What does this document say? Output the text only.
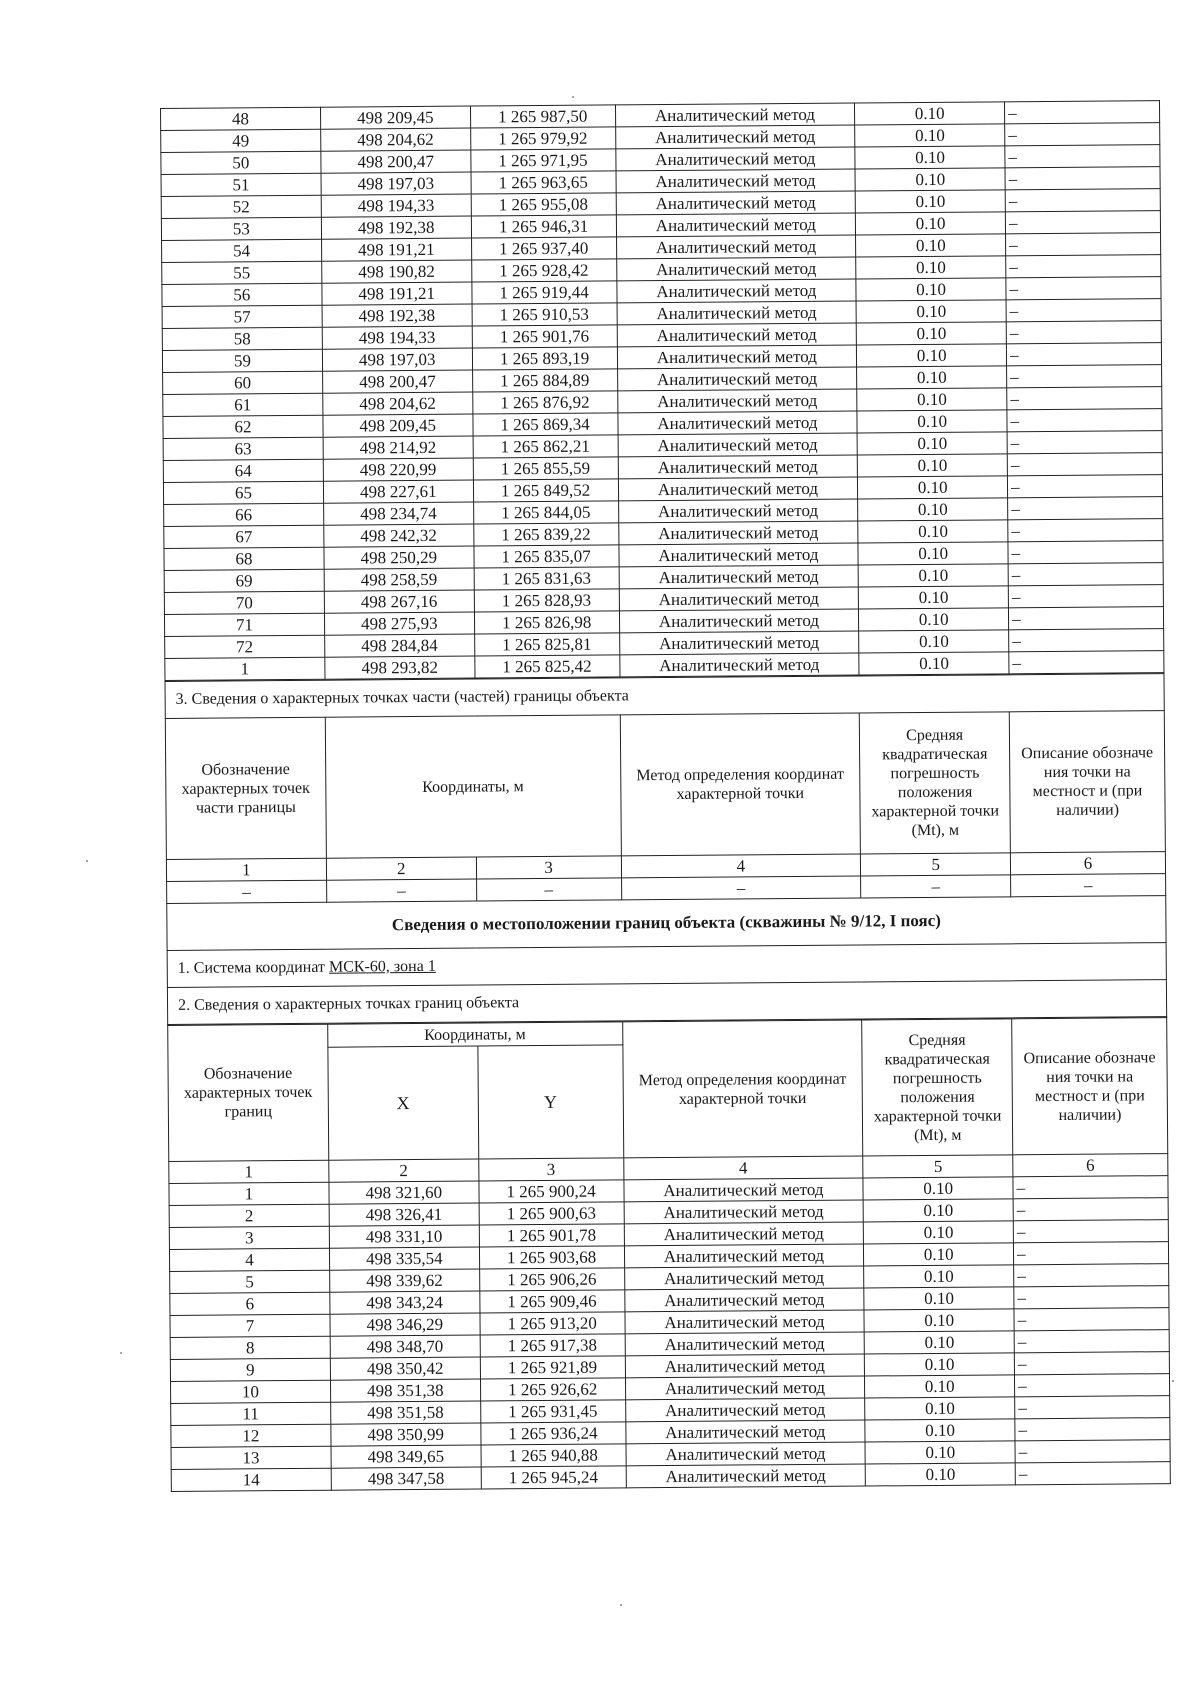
48	498 209,45	1 265 987,50	Аналитический метод	0.10	–
49	498 204,62	1 265 979,92	Аналитический метод	0.10	–
50	498 200,47	1 265 971,95	Аналитический метод	0.10	–
51	498 197,03	1 265 963,65	Аналитический метод	0.10	–
52	498 194,33	1 265 955,08	Аналитический метод	0.10	–
53	498 192,38	1 265 946,31	Аналитический метод	0.10	–
54	498 191,21	1 265 937,40	Аналитический метод	0.10	–
55	498 190,82	1 265 928,42	Аналитический метод	0.10	–
56	498 191,21	1 265 919,44	Аналитический метод	0.10	–
57	498 192,38	1 265 910,53	Аналитический метод	0.10	–
58	498 194,33	1 265 901,76	Аналитический метод	0.10	–
59	498 197,03	1 265 893,19	Аналитический метод	0.10	–
60	498 200,47	1 265 884,89	Аналитический метод	0.10	–
61	498 204,62	1 265 876,92	Аналитический метод	0.10	–
62	498 209,45	1 265 869,34	Аналитический метод	0.10	–
63	498 214,92	1 265 862,21	Аналитический метод	0.10	–
64	498 220,99	1 265 855,59	Аналитический метод	0.10	–
65	498 227,61	1 265 849,52	Аналитический метод	0.10	–
66	498 234,74	1 265 844,05	Аналитический метод	0.10	–
67	498 242,32	1 265 839,22	Аналитический метод	0.10	–
68	498 250,29	1 265 835,07	Аналитический метод	0.10	–
69	498 258,59	1 265 831,63	Аналитический метод	0.10	–
70	498 267,16	1 265 828,93	Аналитический метод	0.10	–
71	498 275,93	1 265 826,98	Аналитический метод	0.10	–
72	498 284,84	1 265 825,81	Аналитический метод	0.10	–
1	498 293,82	1 265 825,42	Аналитический метод	0.10	–
3. Сведения о характерных точках части (частей) границы объекта					
Обозначение характерных точек части границы	Координаты, м		Метод определения координат характерной точки	Средняя квадратическая погрешность положения характерной точки (Mt), м	Описание обозначе ния точки на местност и (при наличии)
1	2	3	4	5	6
–	–	–	–	–	–
Сведения о местоположении границ объекта (скважины № 9/12, I пояс)					
1. Система координат МСК-60, зона 1					
2. Сведения о характерных точках границ объекта					
Обозначение характерных точек границ	Координаты, м		Метод определения координат характерной точки	Средняя квадратическая погрешность положения характерной точки (Mt), м	Описание обозначе ния точки на местност и (при наличии)
	X	Y			
1	2	3	4	5	6
1	498 321,60	1 265 900,24	Аналитический метод	0.10	–
2	498 326,41	1 265 900,63	Аналитический метод	0.10	–
3	498 331,10	1 265 901,78	Аналитический метод	0.10	–
4	498 335,54	1 265 903,68	Аналитический метод	0.10	–
5	498 339,62	1 265 906,26	Аналитический метод	0.10	–
6	498 343,24	1 265 909,46	Аналитический метод	0.10	–
7	498 346,29	1 265 913,20	Аналитический метод	0.10	–
8	498 348,70	1 265 917,38	Аналитический метод	0.10	–
9	498 350,42	1 265 921,89	Аналитический метод	0.10	–
10	498 351,38	1 265 926,62	Аналитический метод	0.10	–
11	498 351,58	1 265 931,45	Аналитический метод	0.10	–
12	498 350,99	1 265 936,24	Аналитический метод	0.10	–
13	498 349,65	1 265 940,88	Аналитический метод	0.10	–
14	498 347,58	1 265 945,24	Аналитический метод	0.10	–
